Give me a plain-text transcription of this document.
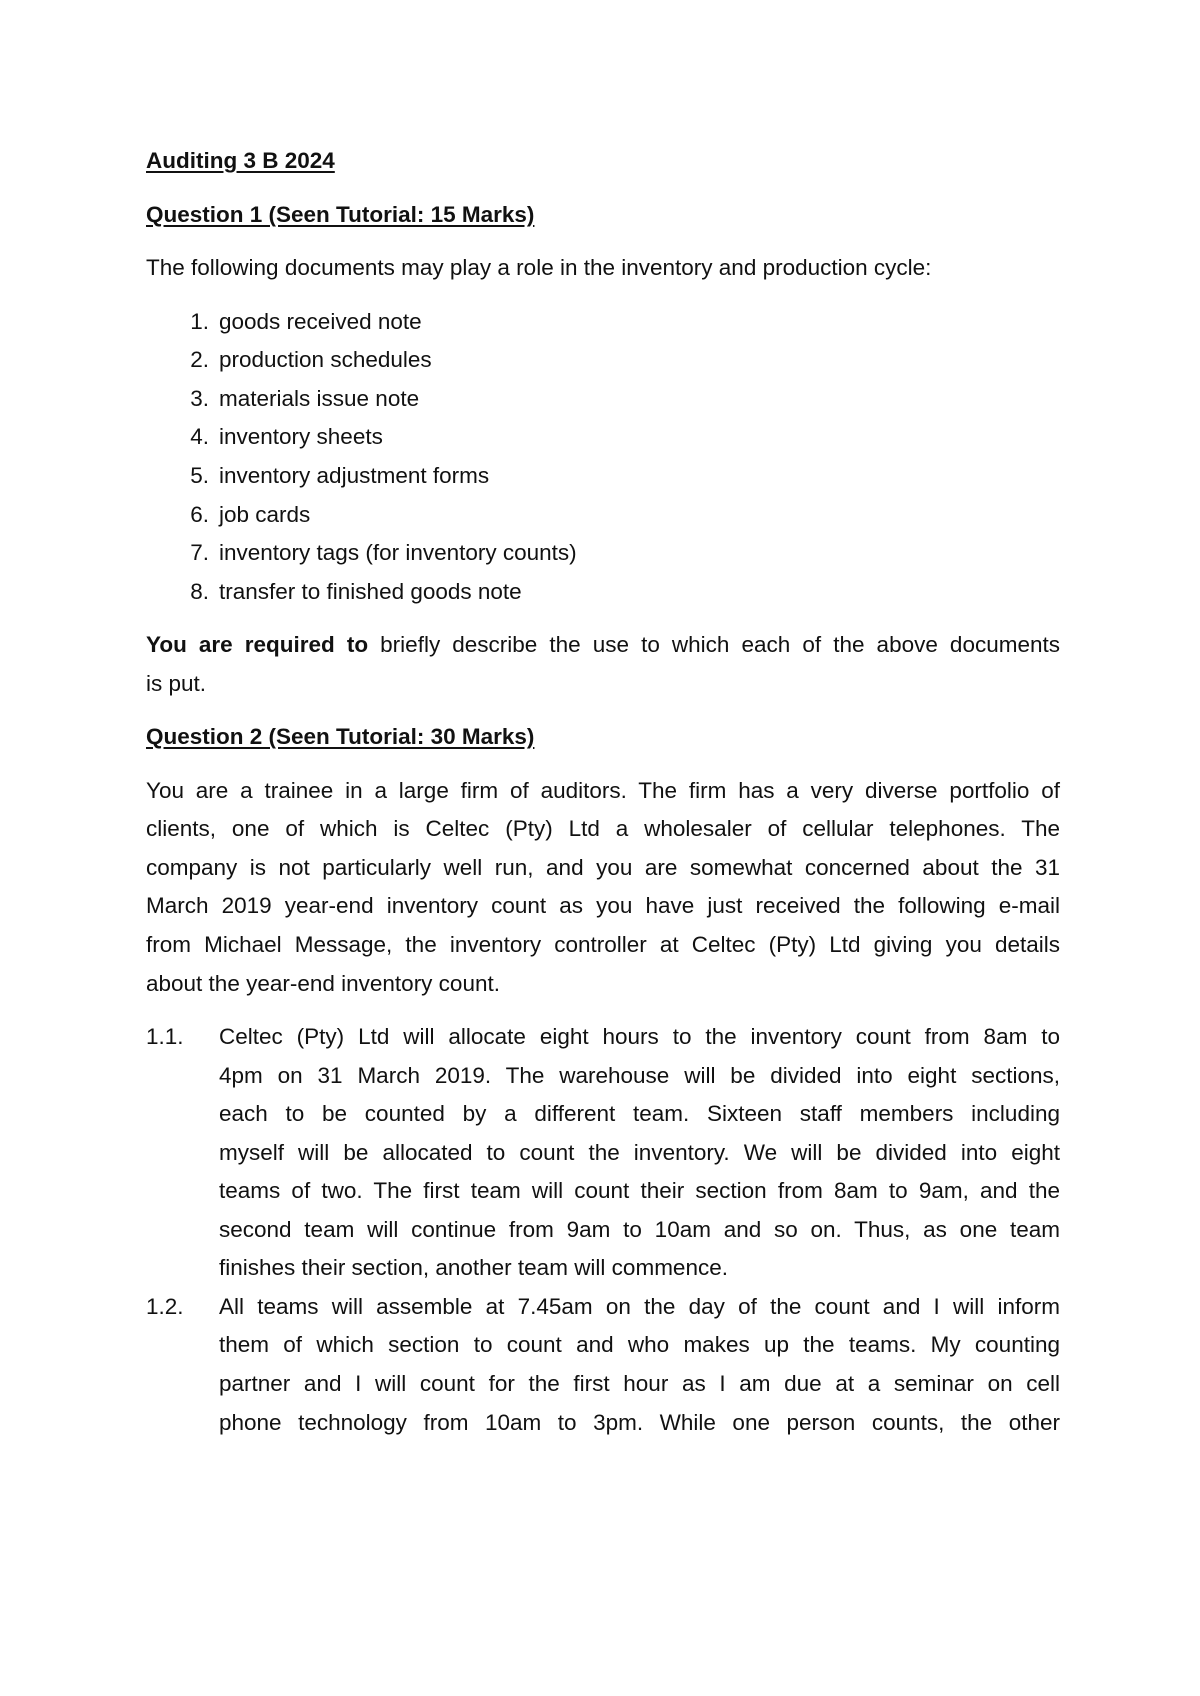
Auditing 3 B 2024
Question 1 (Seen Tutorial: 15 Marks)
The following documents may play a role in the inventory and production cycle:
1. goods received note
2. production schedules
3. materials issue note
4. inventory sheets
5. inventory adjustment forms
6. job cards
7. inventory tags (for inventory counts)
8. transfer to finished goods note
You are required to briefly describe the use to which each of the above documents
is put.
Question 2 (Seen Tutorial: 30 Marks)
You are a trainee in a large firm of auditors. The firm has a very diverse portfolio of
clients, one of which is Celtec (Pty) Ltd a wholesaler of cellular telephones. The
company is not particularly well run, and you are somewhat concerned about the 31
March 2019 year-end inventory count as you have just received the following e-mail
from Michael Message, the inventory controller at Celtec (Pty) Ltd giving you details
about the year-end inventory count.
1.1. Celtec (Pty) Ltd will allocate eight hours to the inventory count from 8am to
4pm on 31 March 2019. The warehouse will be divided into eight sections,
each to be counted by a different team. Sixteen staff members including
myself will be allocated to count the inventory. We will be divided into eight
teams of two. The first team will count their section from 8am to 9am, and the
second team will continue from 9am to 10am and so on. Thus, as one team
finishes their section, another team will commence.
1.2. All teams will assemble at 7.45am on the day of the count and I will inform
them of which section to count and who makes up the teams. My counting
partner and I will count for the first hour as I am due at a seminar on cell
phone technology from 10am to 3pm. While one person counts, the other
